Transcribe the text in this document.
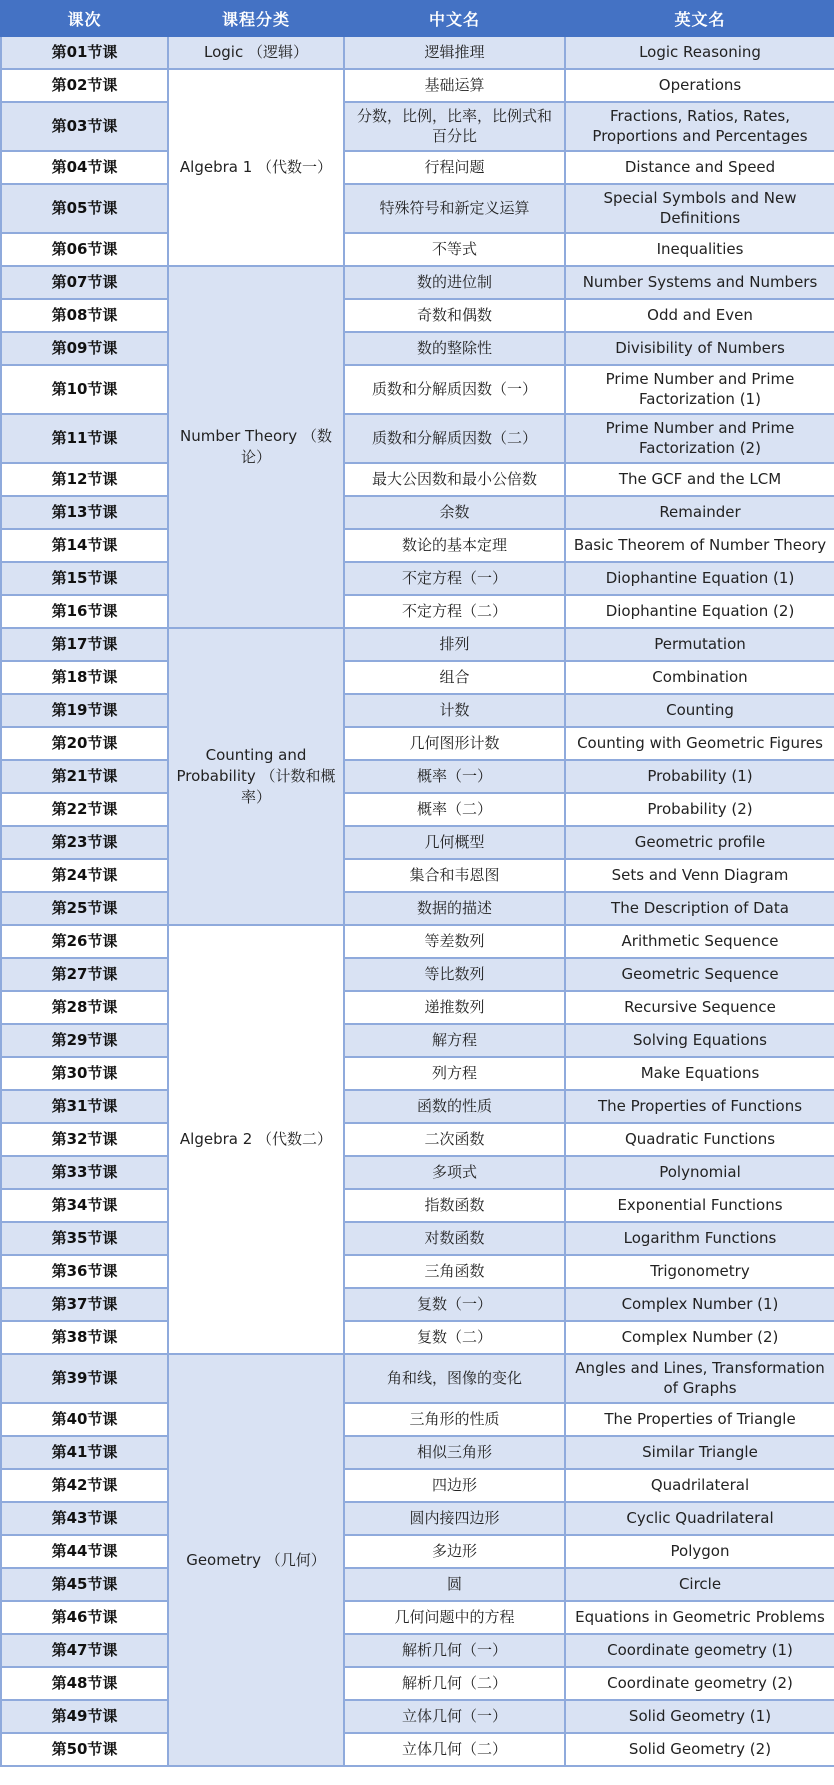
课次	课程分类	中文名	英文名
第01节课	Logic （逻辑）	逻辑推理	Logic Reasoning
第02节课	Algebra 1 （代数一）	基础运算	Operations
第03节课		分数，比例，比率，比例式和百分比	Fractions, Ratios, Rates, Proportions and Percentages
第04节课		行程问题	Distance and Speed
第05节课		特殊符号和新定义运算	Special Symbols and New Definitions
第06节课		不等式	Inequalities
第07节课	Number Theory （数论）	数的进位制	Number Systems and Numbers
第08节课		奇数和偶数	Odd and Even
第09节课		数的整除性	Divisibility of Numbers
第10节课		质数和分解质因数（一）	Prime Number and Prime Factorization (1)
第11节课		质数和分解质因数（二）	Prime Number and Prime Factorization (2)
第12节课		最大公因数和最小公倍数	The GCF and the LCM
第13节课		余数	Remainder
第14节课		数论的基本定理	Basic Theorem of Number Theory
第15节课		不定方程（一）	Diophantine Equation (1)
第16节课		不定方程（二）	Diophantine Equation (2)
第17节课	Counting and Probability （计数和概率）	排列	Permutation
第18节课		组合	Combination
第19节课		计数	Counting
第20节课		几何图形计数	Counting with Geometric Figures
第21节课		概率（一）	Probability (1)
第22节课		概率（二）	Probability (2)
第23节课		几何概型	Geometric profile
第24节课		集合和韦恩图	Sets and Venn Diagram
第25节课		数据的描述	The Description of Data
第26节课	Algebra 2 （代数二）	等差数列	Arithmetic Sequence
第27节课		等比数列	Geometric Sequence
第28节课		递推数列	Recursive Sequence
第29节课		解方程	Solving Equations
第30节课		列方程	Make Equations
第31节课		函数的性质	The Properties of Functions
第32节课		二次函数	Quadratic Functions
第33节课		多项式	Polynomial
第34节课		指数函数	Exponential Functions
第35节课		对数函数	Logarithm Functions
第36节课		三角函数	Trigonometry
第37节课		复数（一）	Complex Number (1)
第38节课		复数（二）	Complex Number (2)
第39节课	Geometry （几何）	角和线，图像的变化	Angles and Lines, Transformation of Graphs
第40节课		三角形的性质	The Properties of Triangle
第41节课		相似三角形	Similar Triangle
第42节课		四边形	Quadrilateral
第43节课		圆内接四边形	Cyclic Quadrilateral
第44节课		多边形	Polygon
第45节课		圆	Circle
第46节课		几何问题中的方程	Equations in Geometric Problems
第47节课		解析几何（一）	Coordinate geometry (1)
第48节课		解析几何（二）	Coordinate geometry (2)
第49节课		立体几何（一）	Solid Geometry (1)
第50节课		立体几何（二）	Solid Geometry (2)
